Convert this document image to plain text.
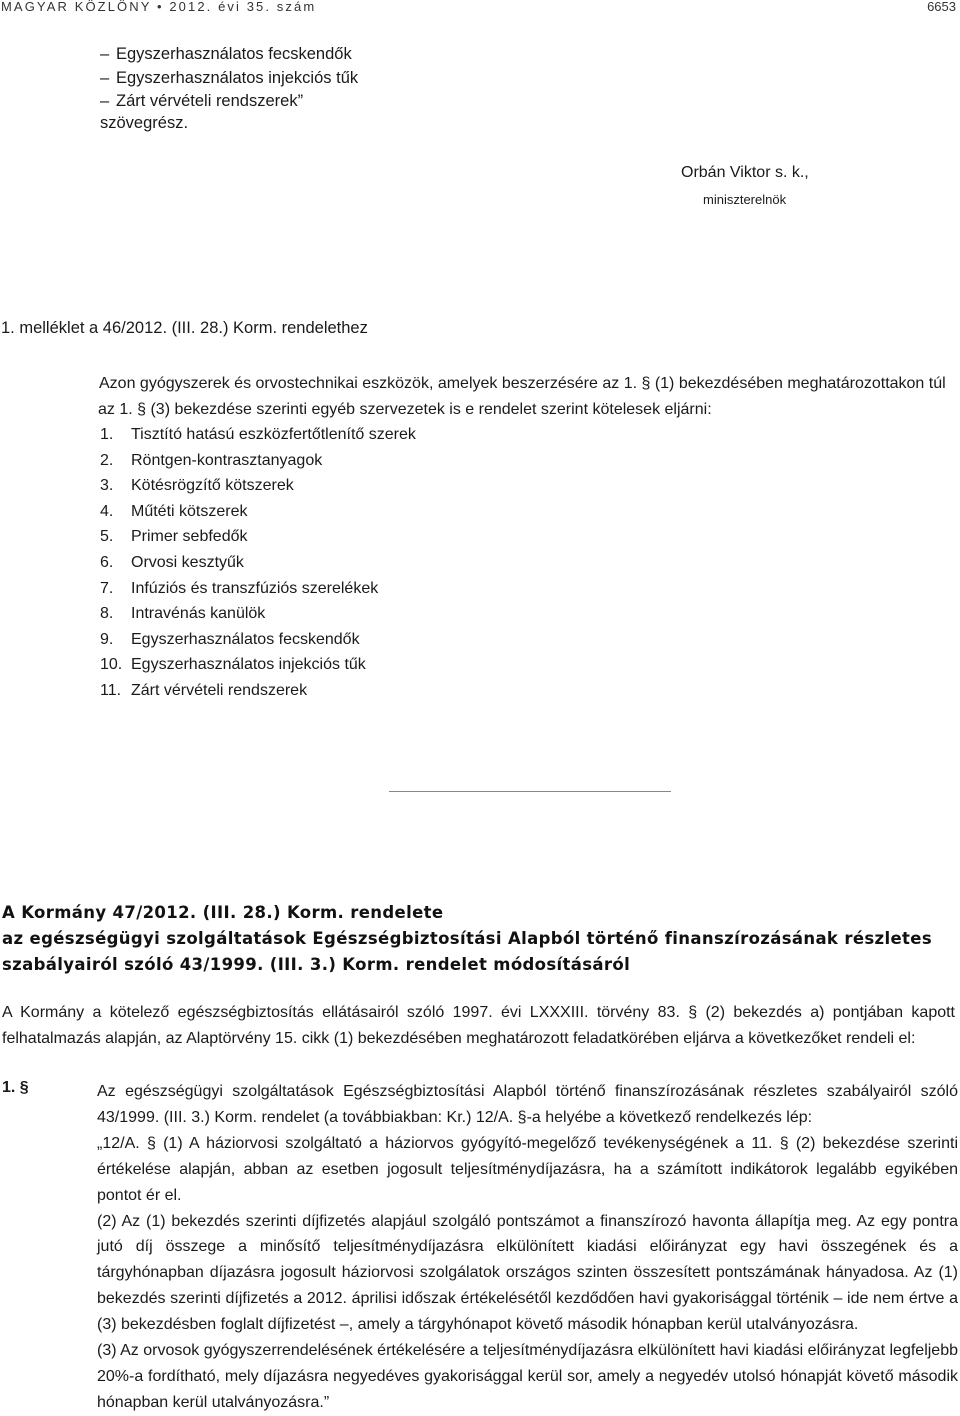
MAGYAR KÖZLÖNY • 2012. évi 35. szám	6653
– Egyszerhasználatos fecskendők
– Egyszerhasználatos injekciós tűk
– Zárt vérvételi rendszerek”
szövegrész.
Orbán Viktor s. k.,
miniszterelnök
1. melléklet a 46/2012. (III. 28.) Korm. rendelethez
Azon gyógyszerek és orvostechnikai eszközök, amelyek beszerzésére az 1. § (1) bekezdésében meghatározottakon túl
az 1. § (3) bekezdése szerinti egyéb szervezetek is e rendelet szerint kötelesek eljárni:
1. Tisztító hatású eszközfertőtlenítő szerek
2. Röntgen-kontrasztanyagok
3. Kötésrögzítő kötszerek
4. Műtéti kötszerek
5. Primer sebfedők
6. Orvosi kesztyűk
7. Infúziós és transzfúziós szerelékek
8. Intravénás kanülök
9. Egyszerhasználatos fecskendők
10. Egyszerhasználatos injekciós tűk
11. Zárt vérvételi rendszerek
A Kormány 47/2012. (III. 28.) Korm. rendelete
az egészségügyi szolgáltatások Egészségbiztosítási Alapból történő finanszírozásának részletes
szabályairól szóló 43/1999. (III. 3.) Korm. rendelet módosításáról
A Kormány a kötelező egészségbiztosítás ellátásairól szóló 1997. évi LXXXIII. törvény 83. § (2) bekezdés a) pontjában kapott felhatalmazás alapján, az Alaptörvény 15. cikk (1) bekezdésében meghatározott feladatkörében eljárva a következőket rendeli el:
1. §	Az egészségügyi szolgáltatások Egészségbiztosítási Alapból történő finanszírozásának részletes szabályairól szóló 43/1999. (III. 3.) Korm. rendelet (a továbbiakban: Kr.) 12/A. §-a helyébe a következő rendelkezés lép:

„12/A. § (1) A háziorvosi szolgáltató a háziorvos gyógyító-megelőző tevékenységének a 11. § (2) bekezdése szerinti értékelése alapján, abban az esetben jogosult teljesítménydíjazásra, ha a számított indikátorok legalább egyikében pontot ér el.

(2) Az (1) bekezdés szerinti díjfizetés alapjául szolgáló pontszámot a finanszírozó havonta állapítja meg. Az egy pontra jutó díj összege a minősítő teljesítménydíjazásra elkülönített kiadási előirányzat egy havi összegének és a tárgyhónapban díjazásra jogosult háziorvosi szolgálatok országos szinten összesített pontszámának hányadosa. Az (1) bekezdés szerinti díjfizetés a 2012. áprilisi időszak értékelésétől kezdődően havi gyakorisággal történik – ide nem értve a (3) bekezdésben foglalt díjfizetést –, amely a tárgyhónapot követő második hónapban kerül utalványozásra.

(3) Az orvosok gyógyszerrendelésének értékelésére a teljesítménydíjazásra elkülönített havi kiadási előirányzat legfeljebb 20%-a fordítható, mely díjazásra negyedéves gyakorisággal kerül sor, amely a negyedév utolsó hónapját követő második hónapban kerül utalványozásra.”
